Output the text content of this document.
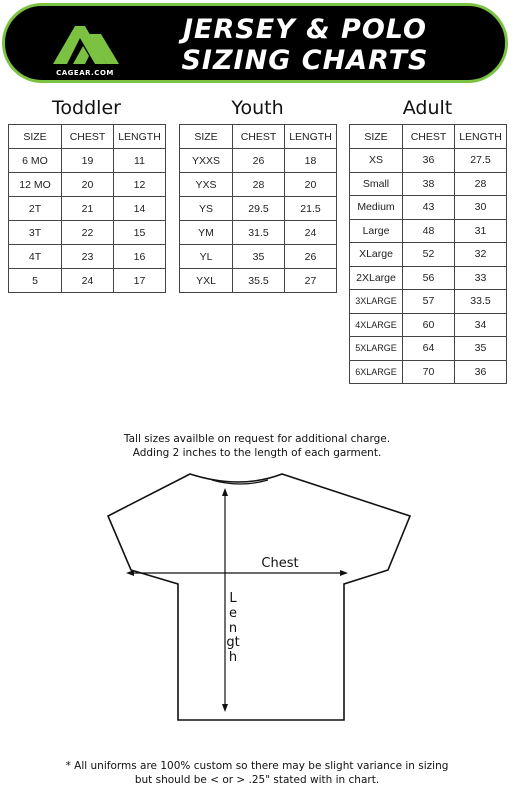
CAGEAR.COM
JERSEY & POLO
SIZING CHARTS
Toddler	Youth	Adult
SIZE	CHEST	LENGTH
6 MO	19	11
12 MO	20	12
2T	21	14
3T	22	15
4T	23	16
5	24	17
SIZE	CHEST	LENGTH
YXXS	26	18
YXS	28	20
YS	29.5	21.5
YM	31.5	24
YL	35	26
YXL	35.5	27
SIZE	CHEST	LENGTH
XS	36	27.5
Small	38	28
Medium	43	30
Large	48	31
XLarge	52	32
2XLarge	56	33
3XLARGE	57	33.5
4XLARGE	60	34
5XLARGE	64	35
6XLARGE	70	36
Tall sizes availble on request for additional charge.
Adding 2 inches to the length of each garment.
Chest
Length
* All uniforms are 100% custom so there may be slight variance in sizing
but should be < or > .25" stated with in chart.
